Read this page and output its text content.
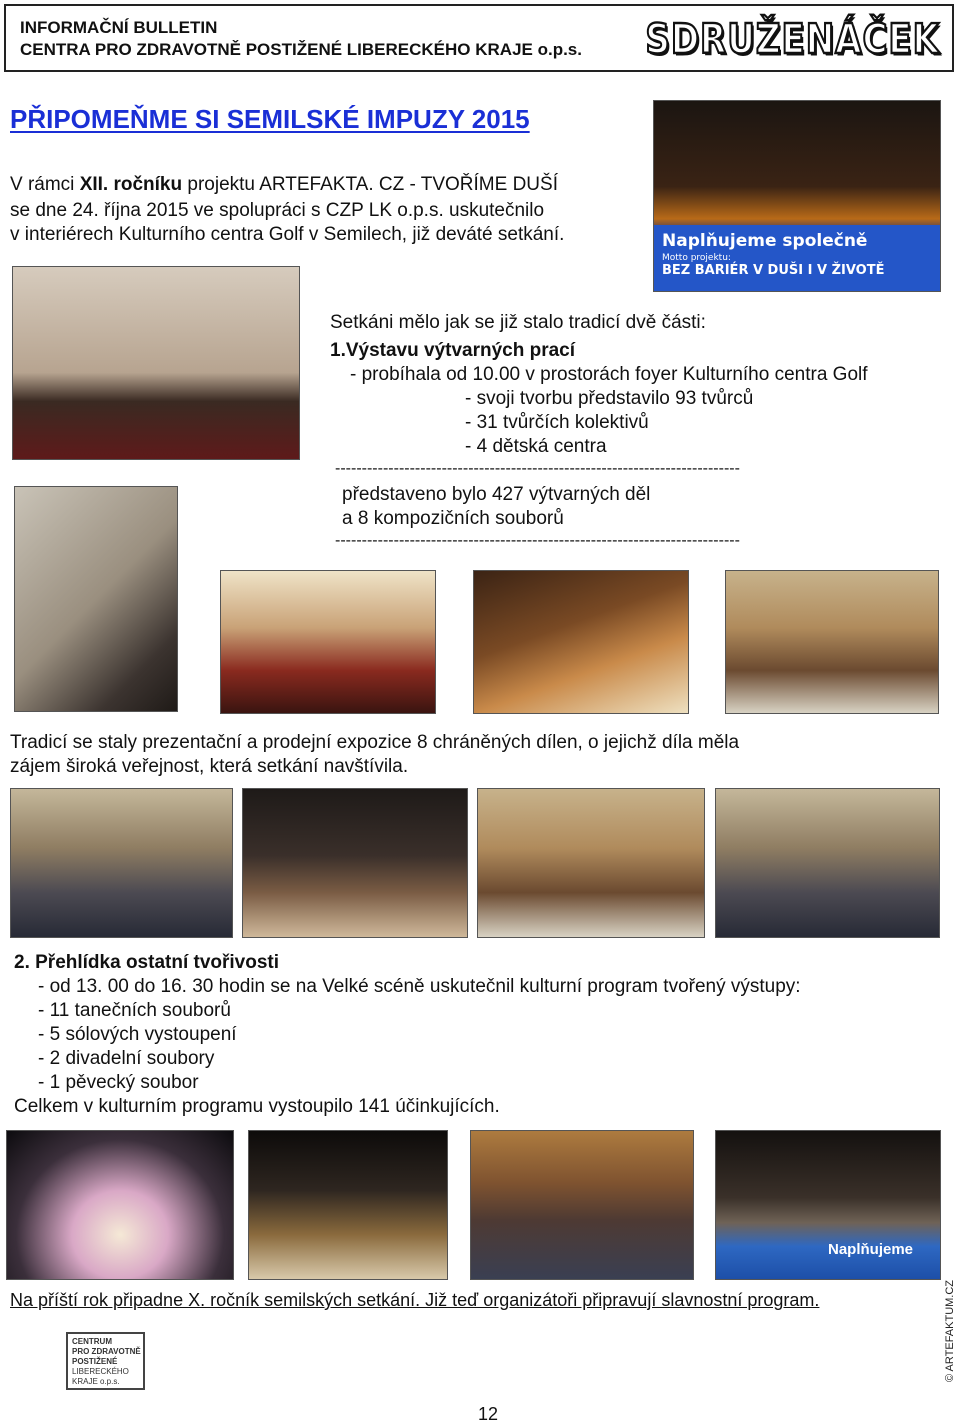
INFORMAČNÍ BULLETIN
CENTRA PRO ZDRAVOTNĚ POSTIŽENÉ LIBERECKÉHO KRAJE o.p.s. SDRUŽENÁČEK
PŘIPOMEŇME SI SEMILSKÉ IMPUZY 2015
V rámci XII. ročníku projektu ARTEFAKTA. CZ - TVOŘÍME DUŠÍ
se dne 24. října 2015 ve spolupráci s CZP LK o.p.s. uskutečnilo
v interiérech Kulturního centra Golf v Semilech, již deváté setkání.	Naplňujeme společně
Motto projektu:
BEZ BARIÉR V DUŠI I V ŽIVOTĚ
Setkáni mělo jak se již stalo tradicí dvě části:
1.Výstavu výtvarných prací
- probíhala od 10.00 v prostorách foyer Kulturního centra Golf
- svoji tvorbu představilo 93 tvůrců
- 31 tvůrčích kolektivů
- 4 dětská centra
----------------------------------------------------------------------------
představeno bylo 427 výtvarných děl
a 8 kompozičních souborů
----------------------------------------------------------------------------
Tradicí se staly prezentační a prodejní expozice 8 chráněných dílen, o jejichž díla měla
zájem široká veřejnost, která setkání navštívila.
2. Přehlídka ostatní tvořivosti
- od 13. 00 do 16. 30 hodin se na Velké scéně uskutečnil kulturní program tvořený výstupy:
- 11 tanečních souborů
- 5 sólových vystoupení
- 2 divadelní soubory
- 1 pěvecký soubor
Celkem v kulturním programu vystoupilo 141 účinkujících.
Naplňujeme
Na příští rok připadne X. ročník semilských setkání. Již teď organizátoři připravují slavnostní program.
CENTRUM
PRO ZDRAVOTNĚ
POSTIŽENÉ
LIBERECKÉHO
KRAJE o.p.s.
12
© ARTEFAKTUM.CZ
